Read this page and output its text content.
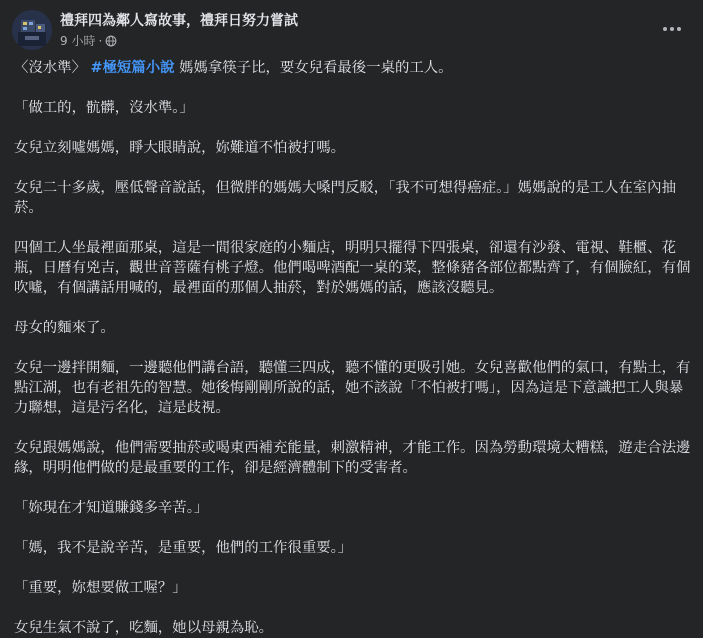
禮拜四為鄰人寫故事，禮拜日努力嘗試
9 小時 ·

〈沒水準〉 #極短篇小說 媽媽拿筷子比，要女兒看最後一桌的工人。

「做工的，骯髒，沒水準。」

女兒立刻噓媽媽，睜大眼睛說，妳難道不怕被打嗎。

女兒二十多歲，壓低聲音說話，但微胖的媽媽大嗓門反駁，「我不可想得癌症。」媽媽說的是工人在室內抽菸。

四個工人坐最裡面那桌，這是一間很家庭的小麵店，明明只擺得下四張桌，卻還有沙發、電視、鞋櫃、花瓶，日曆有兇吉，觀世音菩薩有桃子燈。他們喝啤酒配一桌的菜，整條豬各部位都點齊了，有個臉紅，有個吹噓，有個講話用喊的，最裡面的那個人抽菸，對於媽媽的話，應該沒聽見。

母女的麵來了。

女兒一邊拌開麵，一邊聽他們講台語，聽懂三四成，聽不懂的更吸引她。女兒喜歡他們的氣口，有點土，有點江湖，也有老祖先的智慧。她後悔剛剛所說的話，她不該說「不怕被打嗎」，因為這是下意識把工人與暴力聯想，這是污名化，這是歧視。

女兒跟媽媽說，他們需要抽菸或喝東西補充能量，刺激精神，才能工作。因為勞動環境太糟糕，遊走合法邊緣，明明他們做的是最重要的工作，卻是經濟體制下的受害者。

「妳現在才知道賺錢多辛苦。」

「媽，我不是說辛苦，是重要，他們的工作很重要。」

「重要，妳想要做工喔？」

女兒生氣不說了，吃麵，她以母親為恥。
